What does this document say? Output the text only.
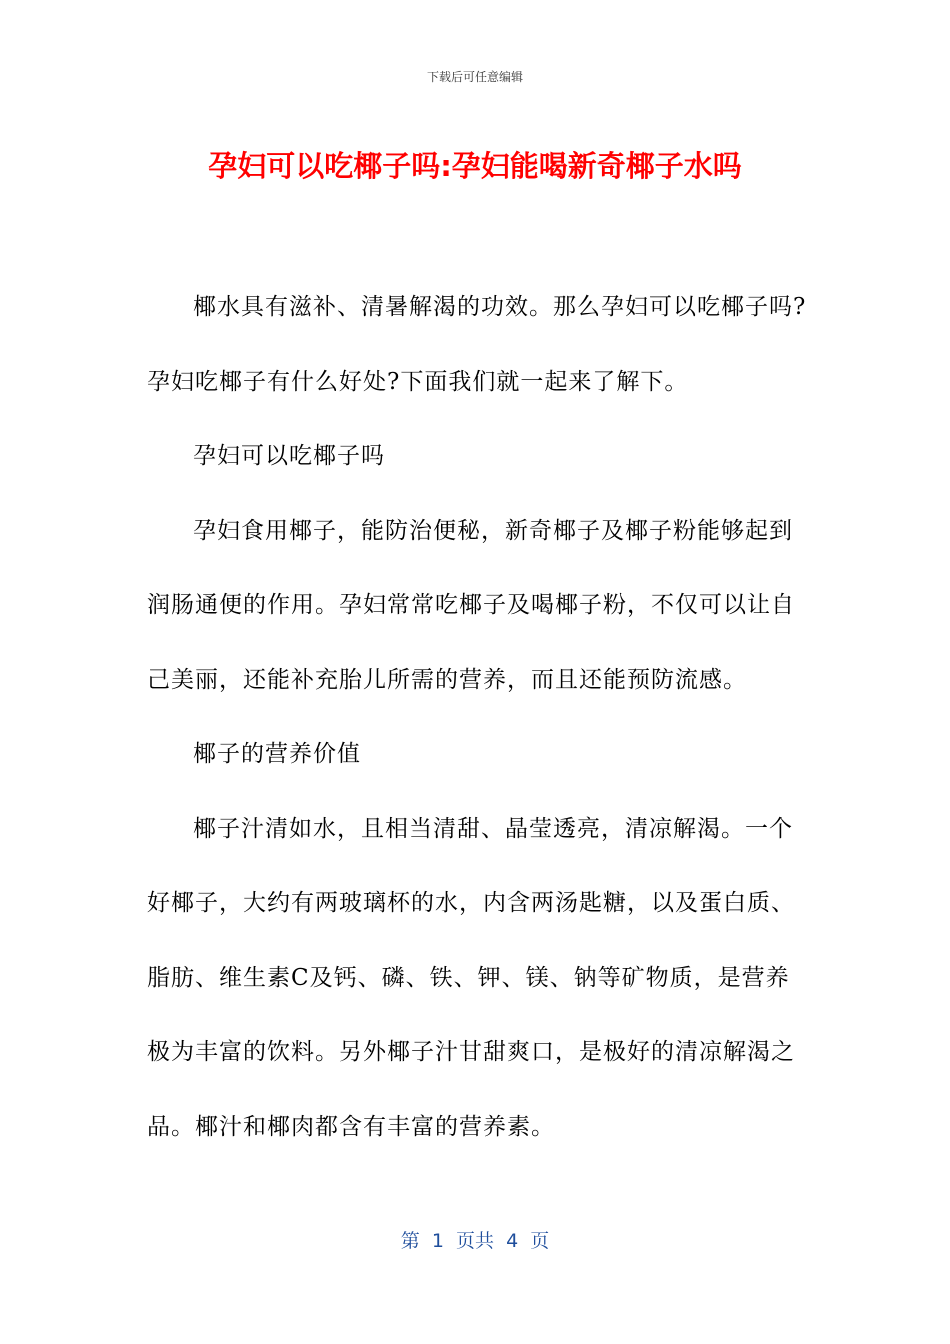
下载后可任意编辑
孕妇可以吃椰子吗:孕妇能喝新奇椰子水吗

椰水具有滋补、清暑解渴的功效。那么孕妇可以吃椰子吗?孕妇吃椰子有什么好处?下面我们就一起来了解下。

孕妇可以吃椰子吗

孕妇食用椰子，能防治便秘，新奇椰子及椰子粉能够起到润肠通便的作用。孕妇常常吃椰子及喝椰子粉，不仅可以让自己美丽，还能补充胎儿所需的营养，而且还能预防流感。

椰子的营养价值

椰子汁清如水，且相当清甜、晶莹透亮，清凉解渴。一个好椰子，大约有两玻璃杯的水，内含两汤匙糖，以及蛋白质、脂肪、维生素C及钙、磷、铁、钾、镁、钠等矿物质，是营养极为丰富的饮料。另外椰子汁甘甜爽口，是极好的清凉解渴之品。椰汁和椰肉都含有丰富的营养素。

第  1  页共  4  页
